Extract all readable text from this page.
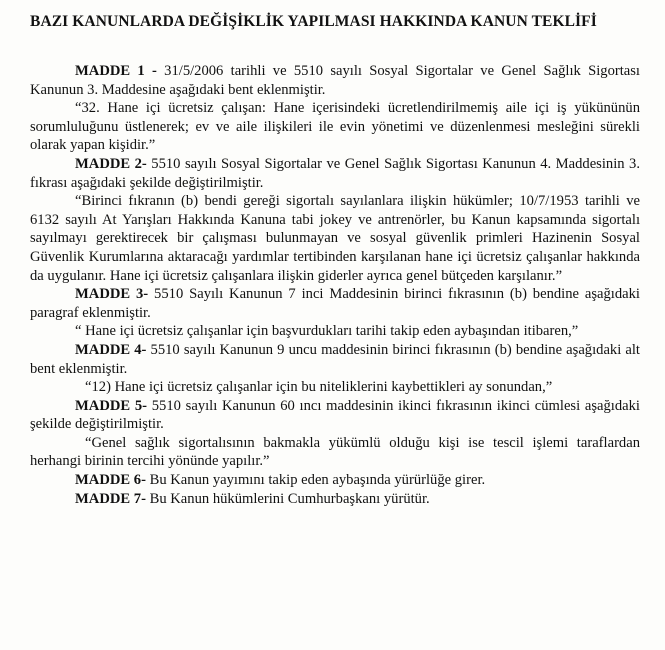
BAZI KANUNLARDA DEĞİŞİKLİK YAPILMASI HAKKINDA KANUN TEKLİFİ

MADDE 1 - 31/5/2006 tarihli ve 5510 sayılı Sosyal Sigortalar ve Genel Sağlık Sigortası Kanunun 3. Maddesine aşağıdaki bent eklenmiştir.

“32. Hane içi ücretsiz çalışan: Hane içerisindeki ücretlendirilmemiş aile içi iş yükününün sorumluluğunu üstlenerek; ev ve aile ilişkileri ile evin yönetimi ve düzenlenmesi mesleğini sürekli olarak yapan kişidir.”

MADDE 2- 5510 sayılı Sosyal Sigortalar ve Genel Sağlık Sigortası Kanunun 4. Maddesinin 3. fıkrası aşağıdaki şekilde değiştirilmiştir.

“Birinci fıkranın (b) bendi gereği sigortalı sayılanlara ilişkin hükümler; 10/7/1953 tarihli ve 6132 sayılı At Yarışları Hakkında Kanuna tabi jokey ve antrenörler, bu Kanun kapsamında sigortalı sayılmayı gerektirecek bir çalışması bulunmayan ve sosyal güvenlik primleri Hazinenin Sosyal Güvenlik Kurumlarına aktaracağı yardımlar tertibinden karşılanan hane içi ücretsiz çalışanlar hakkında da uygulanır. Hane içi ücretsiz çalışanlara ilişkin giderler ayrıca genel bütçeden karşılanır.”

MADDE 3- 5510 Sayılı Kanunun 7 inci Maddesinin birinci fıkrasının (b) bendine aşağıdaki paragraf eklenmiştir.

“ Hane içi ücretsiz çalışanlar için başvurdukları tarihi takip eden aybaşından itibaren,”

MADDE 4- 5510 sayılı Kanunun 9 uncu maddesinin birinci fıkrasının (b) bendine aşağıdaki alt bent eklenmiştir.

“12) Hane içi ücretsiz çalışanlar için bu niteliklerini kaybettikleri ay sonundan,”

MADDE 5- 5510 sayılı Kanunun 60 ıncı maddesinin ikinci fıkrasının ikinci cümlesi aşağıdaki şekilde değiştirilmiştir.

“Genel sağlık sigortalısının bakmakla yükümlü olduğu kişi ise tescil işlemi taraflardan herhangi birinin tercihi yönünde yapılır.”

MADDE 6- Bu Kanun yayımını takip eden aybaşında yürürlüğe girer.

MADDE 7- Bu Kanun hükümlerini Cumhurbaşkanı yürütür.
